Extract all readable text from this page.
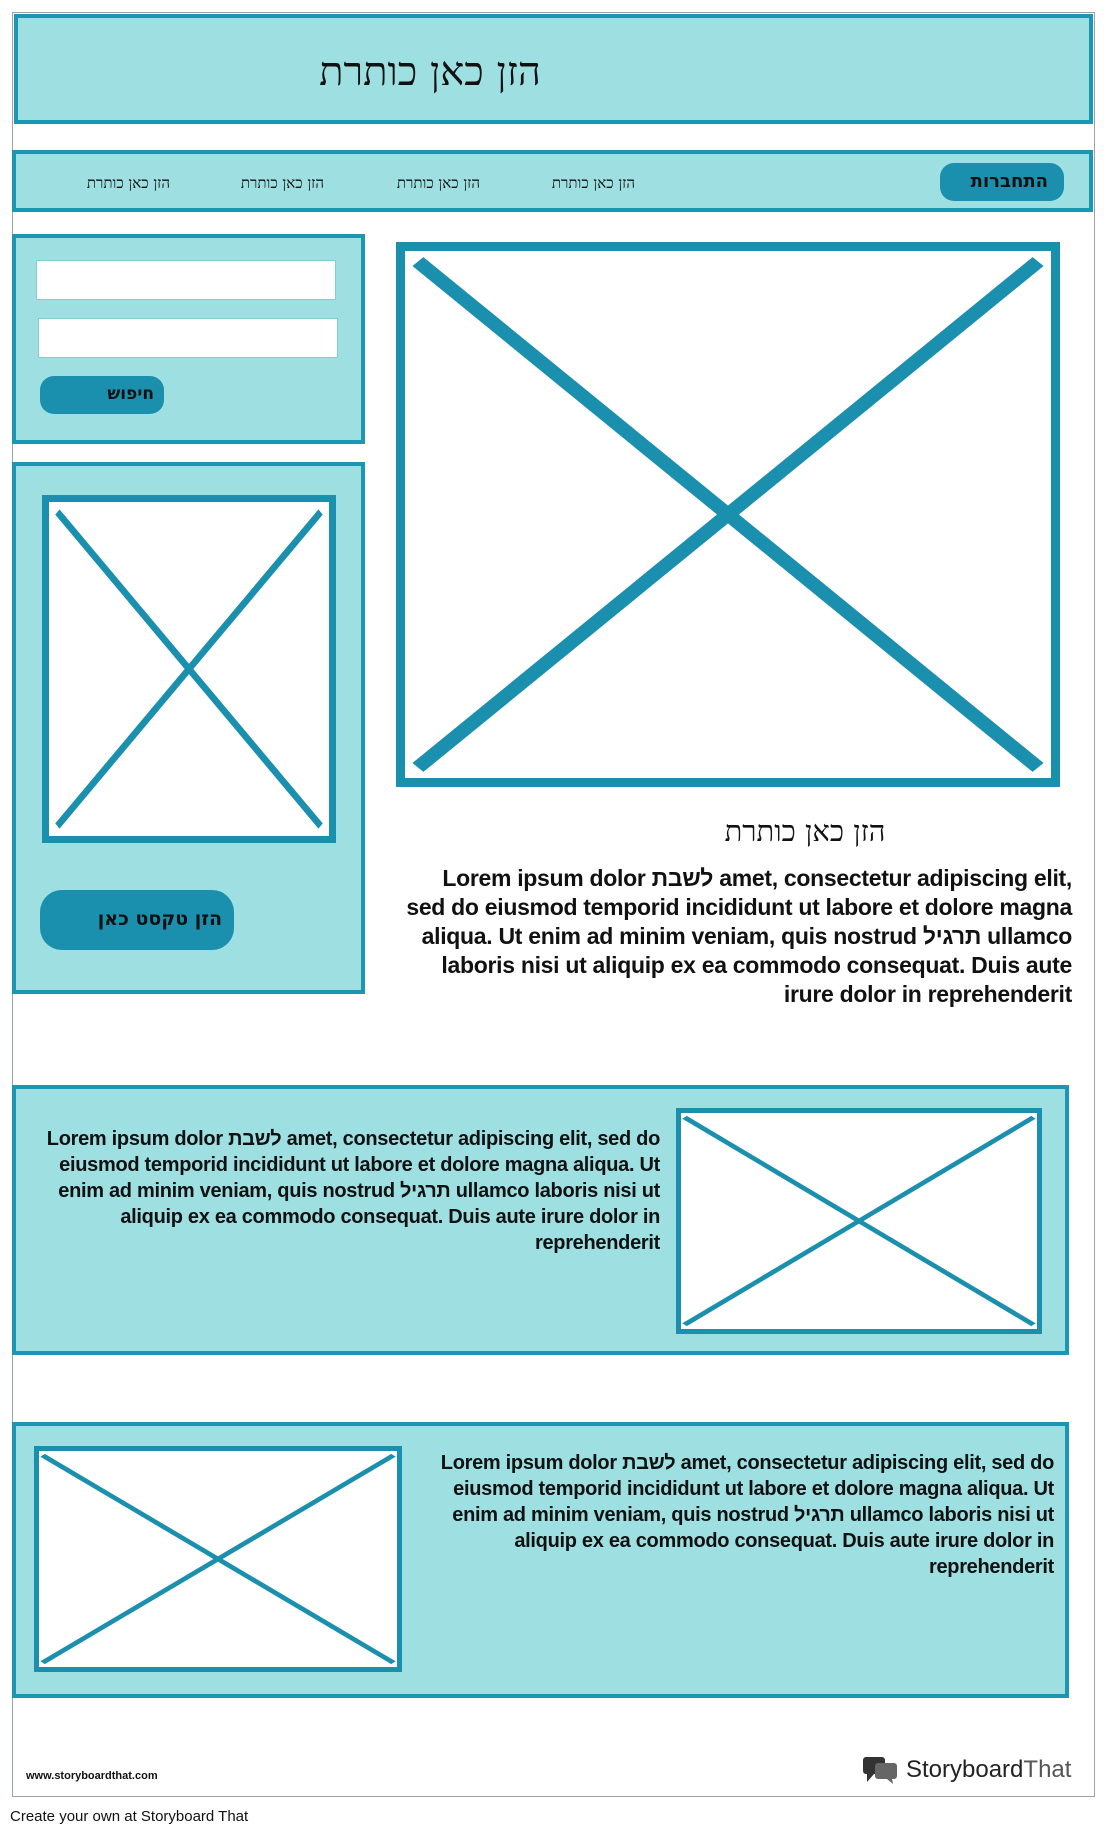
הזן כאן כותרת
הזן כאן כותרת	הזן כאן כותרת	הזן כאן כותרת	הזן כאן כותרת	התחברות
חיפוש
הזן טקסט כאן
הזן כאן כותרת
Lorem ipsum dolor לשבת amet, consectetur adipiscing elit, sed do eiusmod temporid incididunt ut labore et dolore magna aliqua. Ut enim ad minim veniam, quis nostrud תרגיל ullamco laboris nisi ut aliquip ex ea commodo consequat. Duis aute irure dolor in reprehenderit
Lorem ipsum dolor לשבת amet, consectetur adipiscing elit, sed do eiusmod temporid incididunt ut labore et dolore magna aliqua. Ut enim ad minim veniam, quis nostrud תרגיל ullamco laboris nisi ut aliquip ex ea commodo consequat. Duis aute irure dolor in reprehenderit
Lorem ipsum dolor לשבת amet, consectetur adipiscing elit, sed do eiusmod temporid incididunt ut labore et dolore magna aliqua. Ut enim ad minim veniam, quis nostrud תרגיל ullamco laboris nisi ut aliquip ex ea commodo consequat. Duis aute irure dolor in reprehenderit
www.storyboardthat.com	StoryboardThat
Create your own at Storyboard That
